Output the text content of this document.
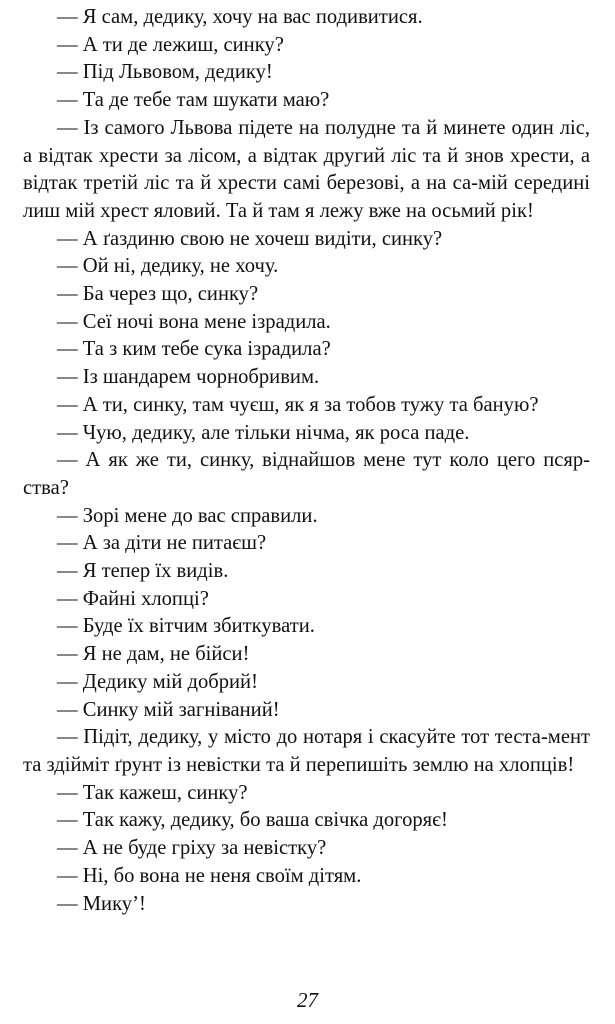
— Я сам, дедику, хочу на вас подивитися.

— А ти де лежиш, синку?

— Під Львовом, дедику!

— Та де тебе там шукати маю?

— Із самого Львова підете на полудне та й минете один ліс, а відтак хрести за лісом, а відтак другий ліс та й знов хрести, а відтак третій ліс та й хрести самі березові, а на са-мій середині лиш мій хрест яловий. Та й там я лежу вже на осьмий рік!

— А ґаздиню свою не хочеш видіти, синку?

— Ой ні, дедику, не хочу.

— Ба через що, синку?

— Сеї ночі вона мене ізрадила.

— Та з ким тебе сука ізрадила?

— Із шандарем чорнобривим.

— А ти, синку, там чуєш, як я за тобов тужу та баную?

— Чую, дедику, але тільки нічма, як роса паде.

— А як же ти, синку, віднайшов мене тут коло цего псяр-ства?

— Зорі мене до вас справили.

— А за діти не питаєш?

— Я тепер їх видів.

— Файні хлопці?

— Буде їх вітчим збиткувати.

— Я не дам, не бійси!

— Дедику мій добрий!

— Синку мій загніваний!

— Підіт, дедику, у місто до нотаря і скасуйте тот теста-мент та здійміт ґрунт із невістки та й перепишіть землю на хлопців!

— Так кажеш, синку?

— Так кажу, дедику, бо ваша свічка догоряє!

— А не буде гріху за невістку?

— Ні, бо вона не неня своїм дітям.

— Мику’!

27
